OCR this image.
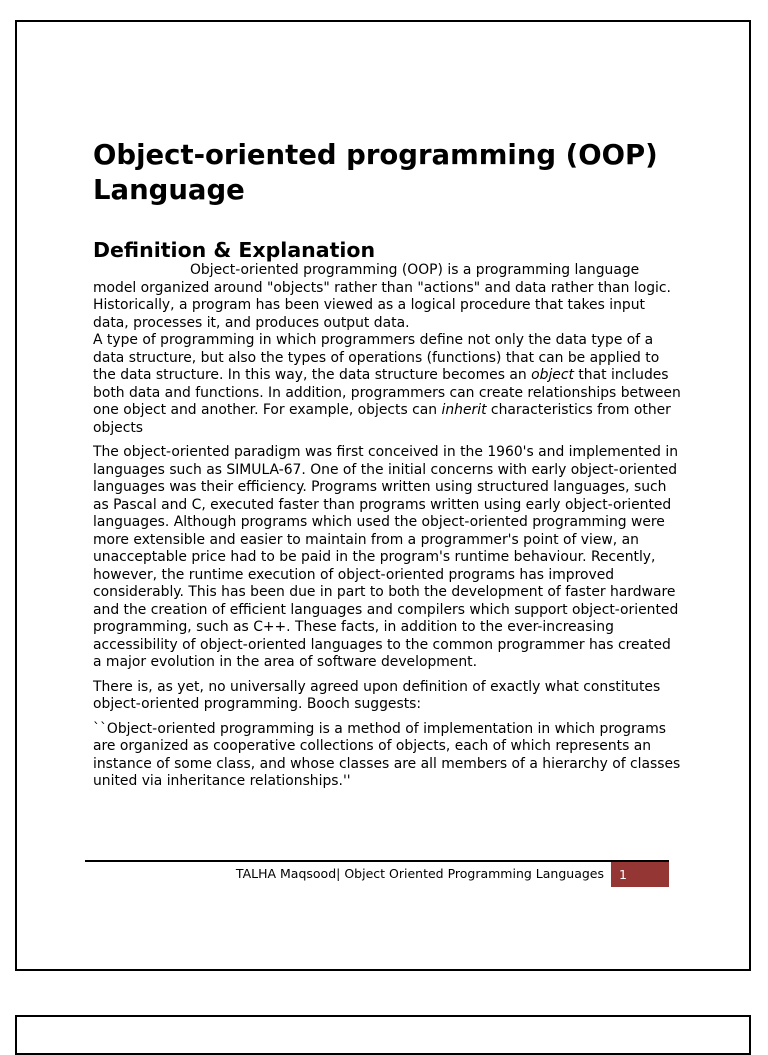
Object-oriented programming (OOP) Language
Definition & Explanation

Object-oriented programming (OOP) is a programming language model organized around "objects" rather than "actions" and data rather than logic. Historically, a program has been viewed as a logical procedure that takes input data, processes it, and produces output data.

A type of programming in which programmers define not only the data type of a data structure, but also the types of operations (functions) that can be applied to the data structure. In this way, the data structure becomes an object that includes both data and functions. In addition, programmers can create relationships between one object and another. For example, objects can inherit characteristics from other objects

The object-oriented paradigm was first conceived in the 1960's and implemented in languages such as SIMULA-67. One of the initial concerns with early object-oriented languages was their efficiency. Programs written using structured languages, such as Pascal and C, executed faster than programs written using early object-oriented languages. Although programs which used the object-oriented programming were more extensible and easier to maintain from a programmer's point of view, an unacceptable price had to be paid in the program's runtime behaviour. Recently, however, the runtime execution of object-oriented programs has improved considerably. This has been due in part to both the development of faster hardware and the creation of efficient languages and compilers which support object-oriented programming, such as C++. These facts, in addition to the ever-increasing accessibility of object-oriented languages to the common programmer has created a major evolution in the area of software development.

There is, as yet, no universally agreed upon definition of exactly what constitutes object-oriented programming. Booch suggests:

``Object-oriented programming is a method of implementation in which programs are organized as cooperative collections of objects, each of which represents an instance of some class, and whose classes are all members of a hierarchy of classes united via inheritance relationships.''

TALHA Maqsood| Object Oriented Programming Languages	1
